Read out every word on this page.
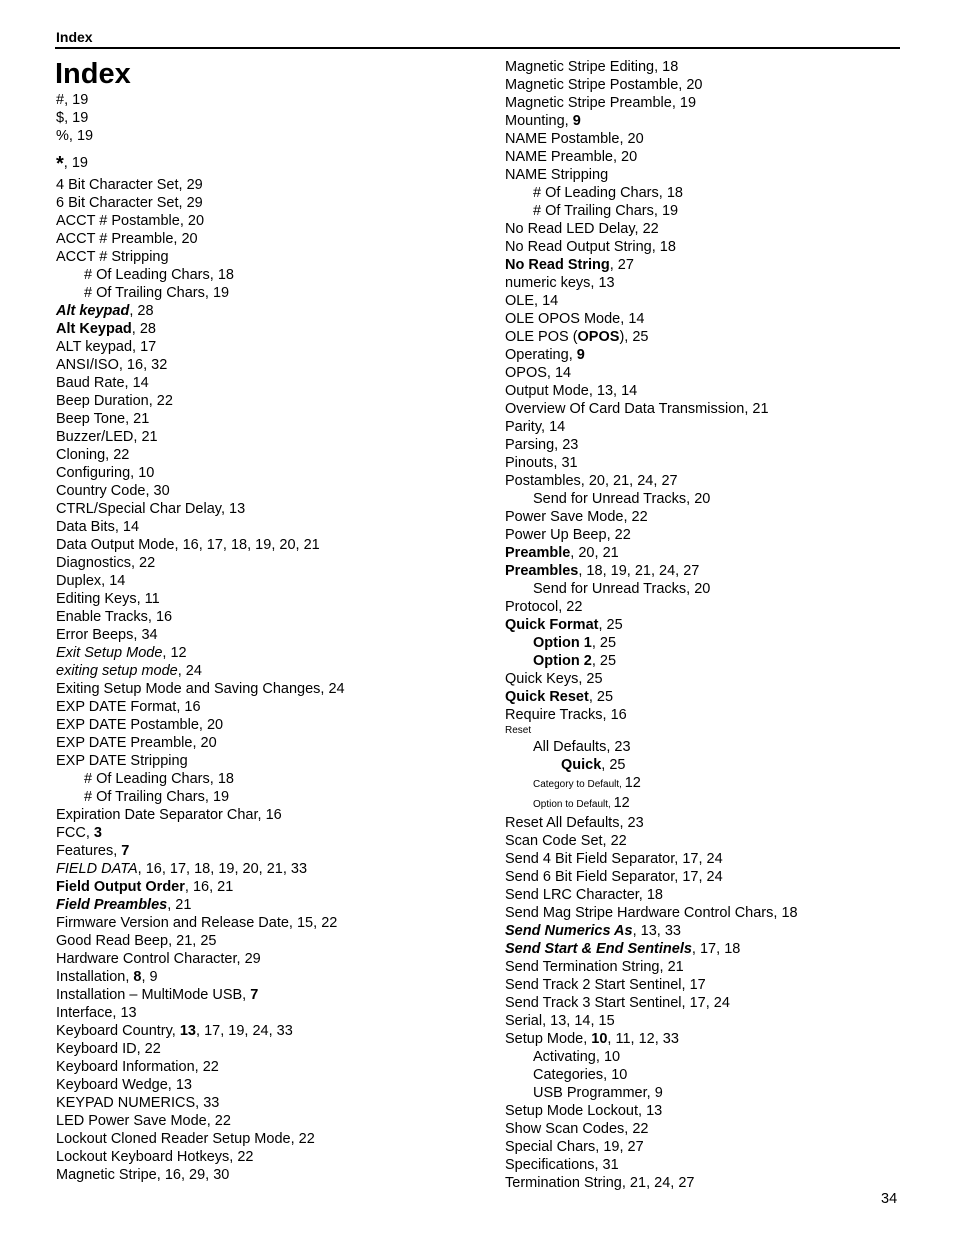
Index
Index
#, 19
$, 19
%, 19
*, 19
4 Bit Character Set, 29
6 Bit Character Set, 29
ACCT # Postamble, 20
ACCT # Preamble, 20
ACCT # Stripping
# Of Leading Chars, 18
# Of Trailing Chars, 19
Alt keypad, 28
Alt Keypad, 28
ALT keypad, 17
ANSI/ISO, 16, 32
Baud Rate, 14
Beep Duration, 22
Beep Tone, 21
Buzzer/LED, 21
Cloning, 22
Configuring, 10
Country Code, 30
CTRL/Special Char Delay, 13
Data Bits, 14
Data Output Mode, 16, 17, 18, 19, 20, 21
Diagnostics, 22
Duplex, 14
Editing Keys, 11
Enable Tracks, 16
Error Beeps, 34
Exit Setup Mode, 12
exiting setup mode, 24
Exiting Setup Mode and Saving Changes, 24
EXP DATE Format, 16
EXP DATE Postamble, 20
EXP DATE Preamble, 20
EXP DATE Stripping
# Of Leading Chars, 18
# Of Trailing Chars, 19
Expiration Date Separator Char, 16
FCC, 3
Features, 7
FIELD DATA, 16, 17, 18, 19, 20, 21, 33
Field Output Order, 16, 21
Field Preambles, 21
Firmware Version and Release Date, 15, 22
Good Read Beep, 21, 25
Hardware Control Character, 29
Installation, 8, 9
Installation – MultiMode USB, 7
Interface, 13
Keyboard Country, 13, 17, 19, 24, 33
Keyboard ID, 22
Keyboard Information, 22
Keyboard Wedge, 13
KEYPAD NUMERICS, 33
LED Power Save Mode, 22
Lockout Cloned Reader Setup Mode, 22
Lockout Keyboard Hotkeys, 22
Magnetic Stripe, 16, 29, 30
Magnetic Stripe Editing, 18
Magnetic Stripe Postamble, 20
Magnetic Stripe Preamble, 19
Mounting, 9
NAME Postamble, 20
NAME Preamble, 20
NAME Stripping
# Of Leading Chars, 18
# Of Trailing Chars, 19
No Read LED Delay, 22
No Read Output String, 18
No Read String, 27
numeric keys, 13
OLE, 14
OLE OPOS Mode, 14
OLE POS (OPOS), 25
Operating, 9
OPOS, 14
Output Mode, 13, 14
Overview Of Card Data Transmission, 21
Parity, 14
Parsing, 23
Pinouts, 31
Postambles, 20, 21, 24, 27
Send for Unread Tracks, 20
Power Save Mode, 22
Power Up Beep, 22
Preamble, 20, 21
Preambles, 18, 19, 21, 24, 27
Send for Unread Tracks, 20
Protocol, 22
Quick Format, 25
Option 1, 25
Option 2, 25
Quick Keys, 25
Quick Reset, 25
Require Tracks, 16
Reset
All Defaults, 23
Quick, 25
Category to Default, 12
Option to Default, 12
Reset All Defaults, 23
Scan Code Set, 22
Send 4 Bit Field Separator, 17, 24
Send 6 Bit Field Separator, 17, 24
Send LRC Character, 18
Send Mag Stripe Hardware Control Chars, 18
Send Numerics As, 13, 33
Send Start & End Sentinels, 17, 18
Send Termination String, 21
Send Track 2 Start Sentinel, 17
Send Track 3 Start Sentinel, 17, 24
Serial, 13, 14, 15
Setup Mode, 10, 11, 12, 33
Activating, 10
Categories, 10
USB Programmer, 9
Setup Mode Lockout, 13
Show Scan Codes, 22
Special Chars, 19, 27
Specifications, 31
Termination String, 21, 24, 27
34
